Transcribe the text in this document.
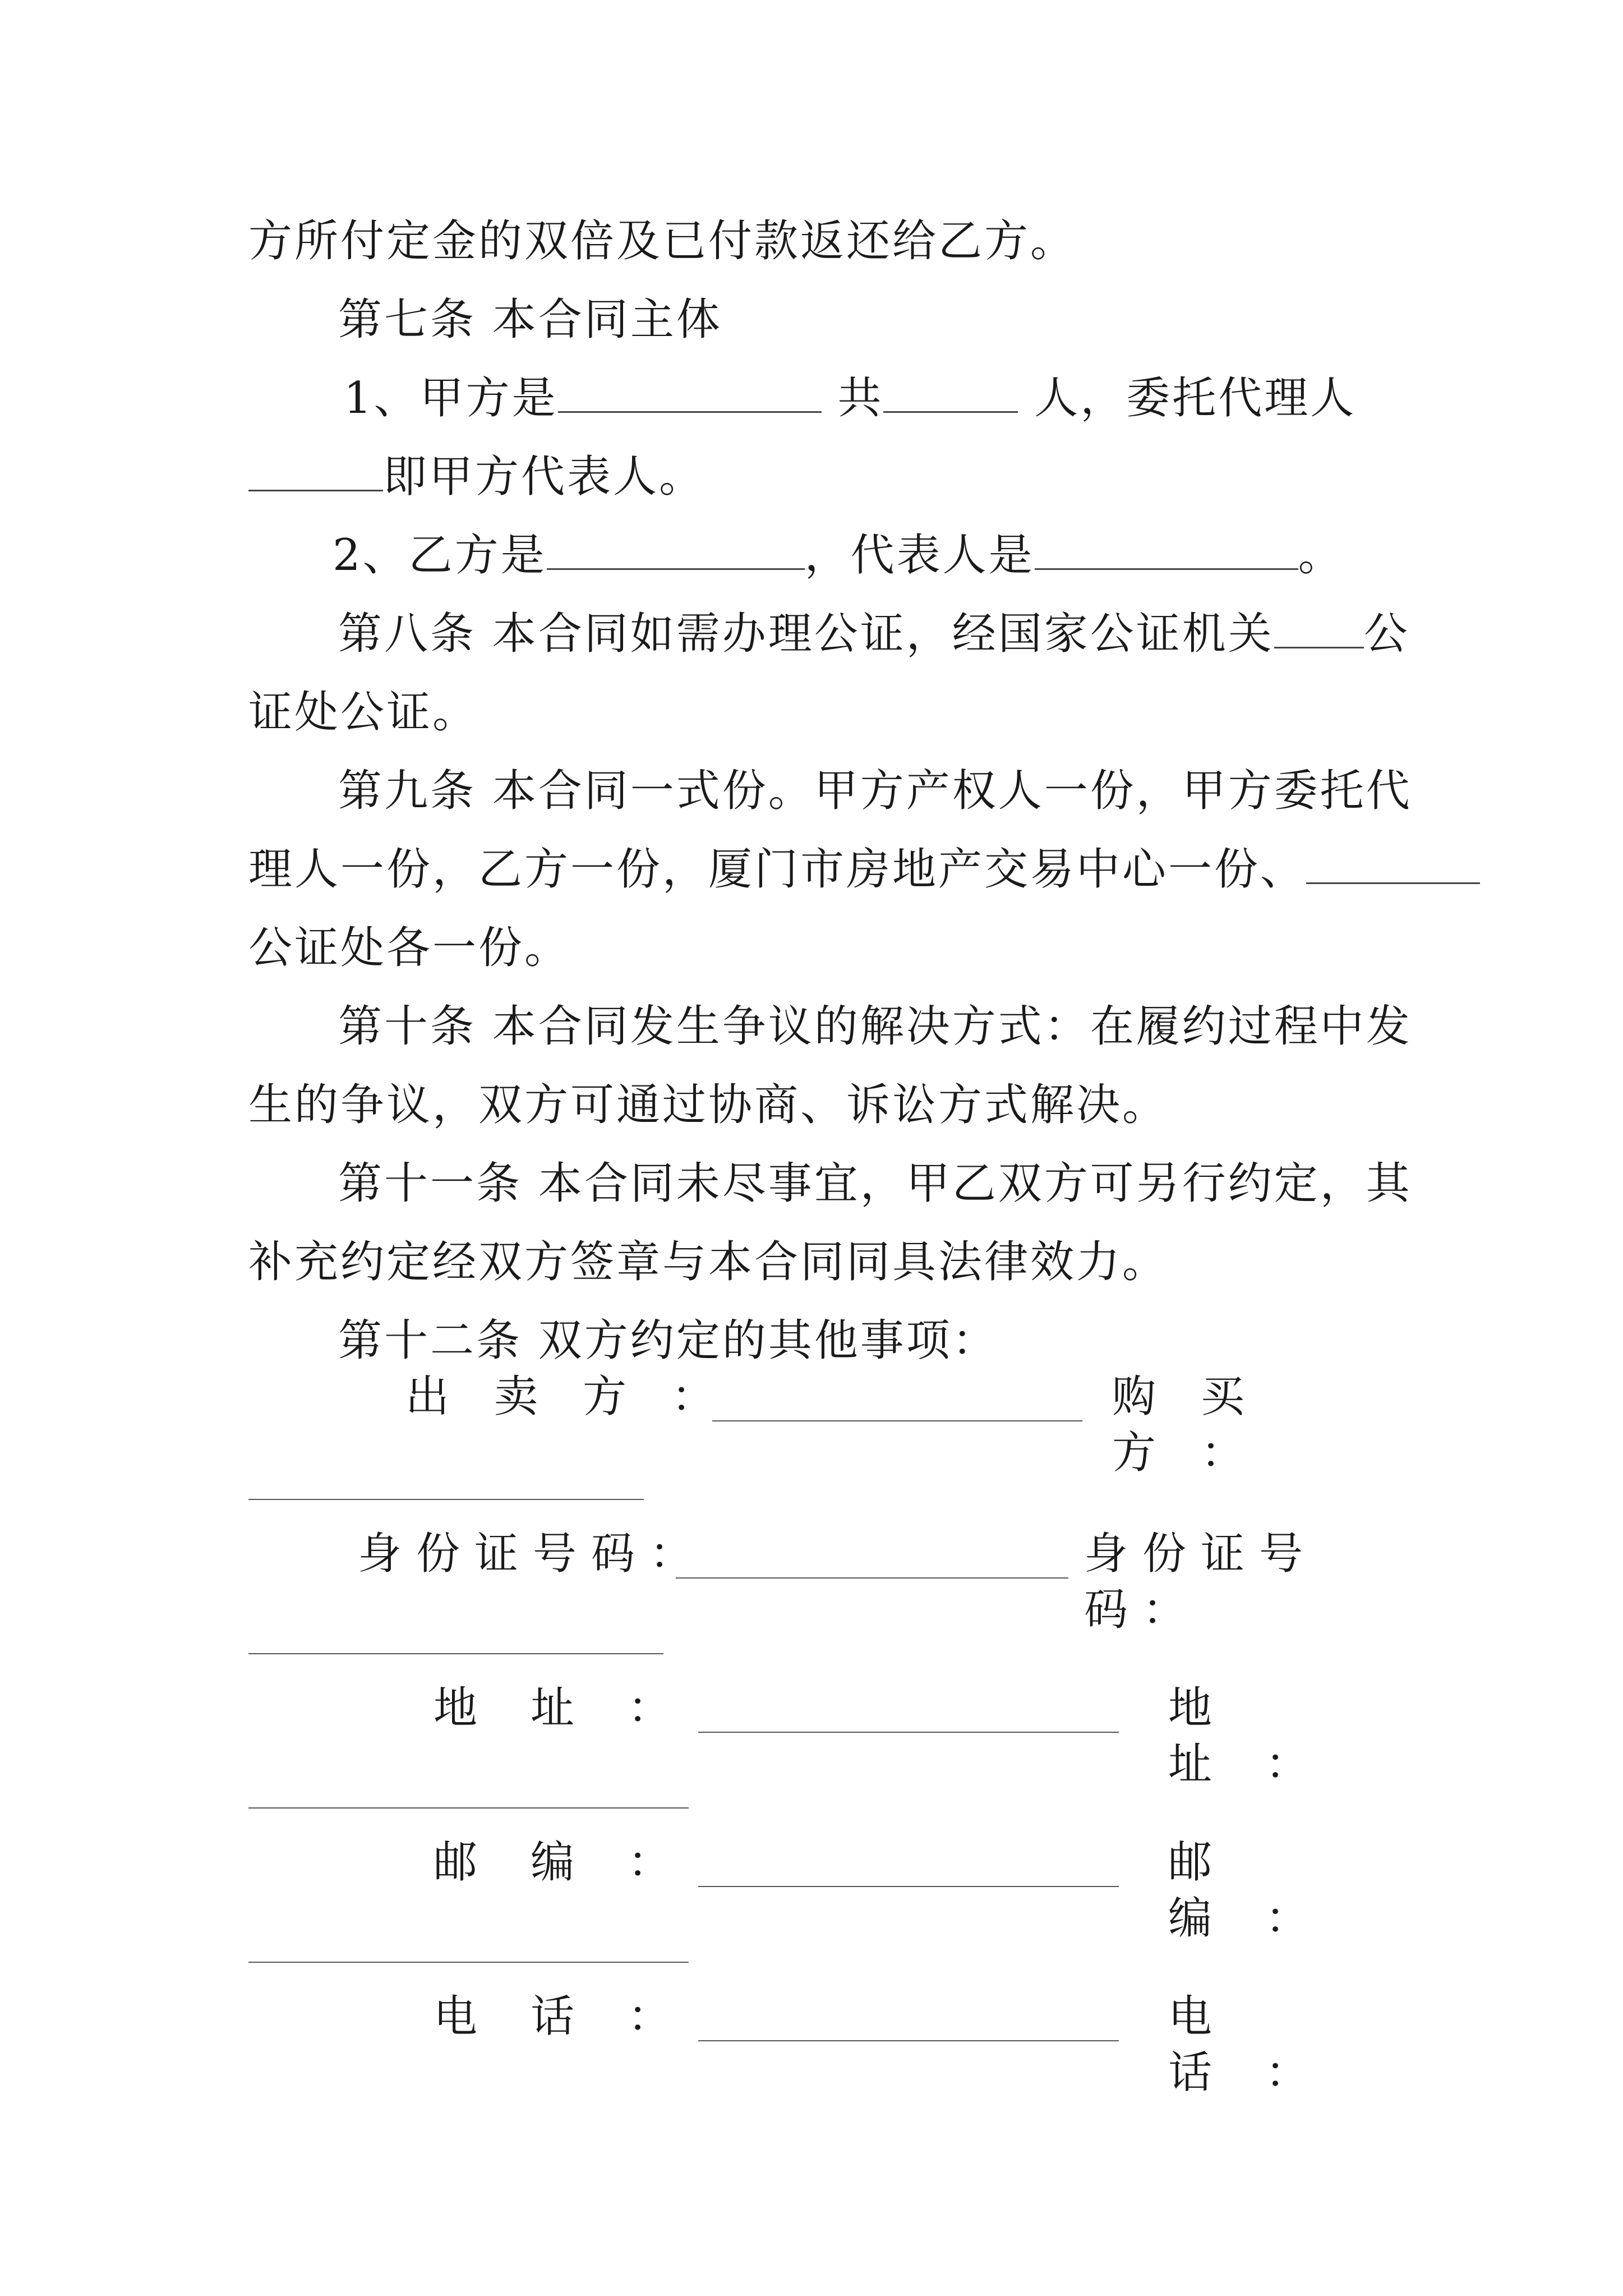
方所付定金的双倍及已付款返还给乙方。
第七条 本合同主体
1、甲方是	共	人，委托代理人
即甲方代表人。
2、乙方是	，代表人是	。
第八条 本合同如需办理公证，经国家公证机关 公
证处公证。
第九条 本合同一式份。甲方产权人一份，甲方委托代
理人一份，乙方一份，厦门市房地产交易中心一份、
公证处各一份。
第十条 本合同发生争议的解决方式：在履约过程中发
生的争议，双方可通过协商、诉讼方式解决。
第十一条 本合同未尽事宜，甲乙双方可另行约定，其
补充约定经双方签章与本合同同具法律效力。
第十二条 双方约定的其他事项：
出卖方：	购买方：
身份证号码：	身份证号码：
地址：	地址：
邮编：	邮编：
电话：	电话：
